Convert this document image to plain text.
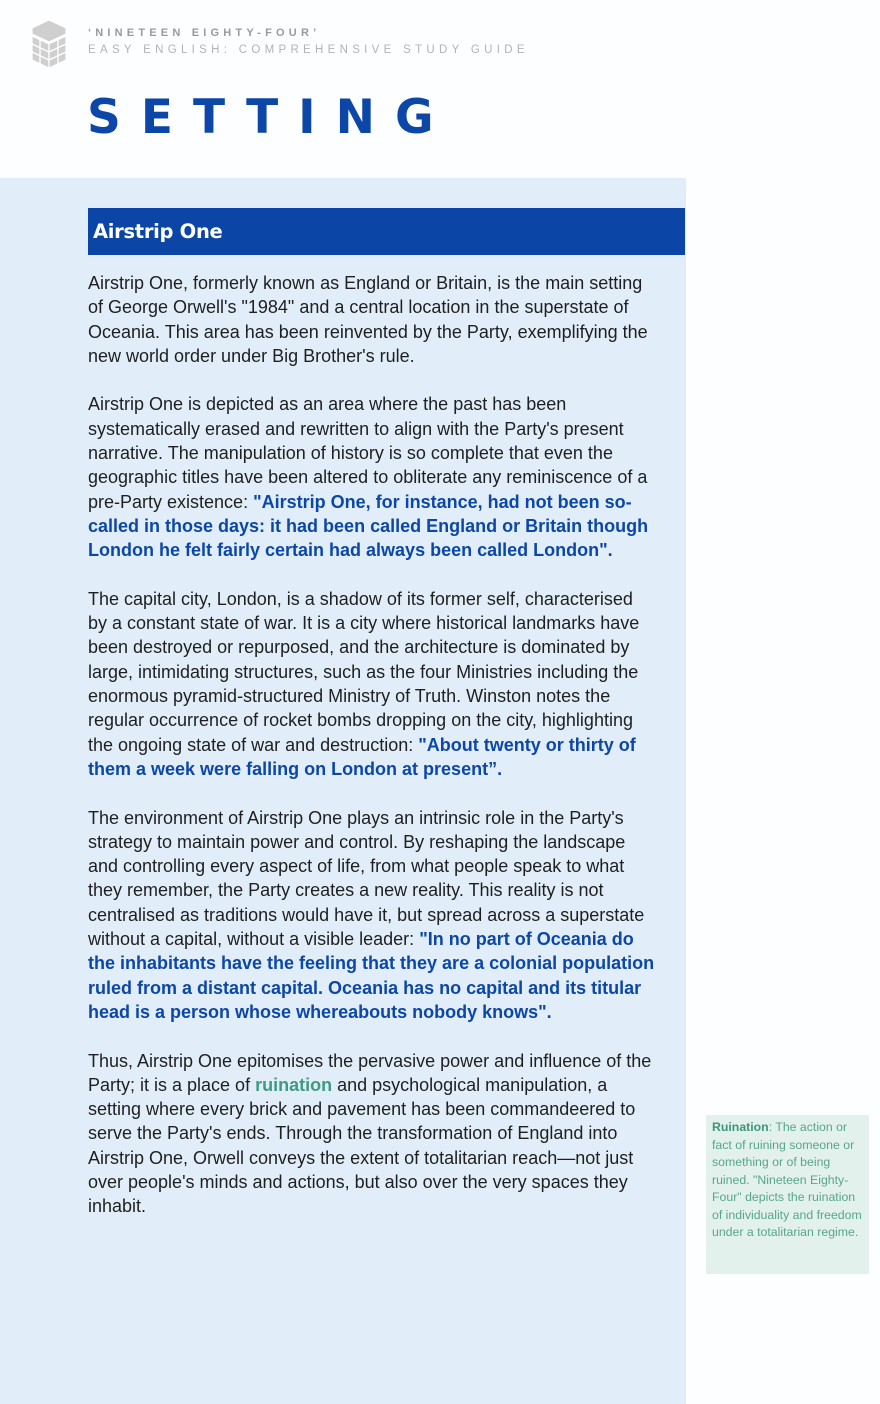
‘NINETEEN EIGHTY-FOUR’
EASY ENGLISH: COMPREHENSIVE STUDY GUIDE
SETTING
Airstrip One

Airstrip One, formerly known as England or Britain, is the main setting of George Orwell's "1984" and a central location in the superstate of Oceania. This area has been reinvented by the Party, exemplifying the new world order under Big Brother's rule.

Airstrip One is depicted as an area where the past has been systematically erased and rewritten to align with the Party's present narrative. The manipulation of history is so complete that even the geographic titles have been altered to obliterate any reminiscence of a pre-Party existence: "Airstrip One, for instance, had not been so-called in those days: it had been called England or Britain though London he felt fairly certain had always been called London".

The capital city, London, is a shadow of its former self, characterised by a constant state of war. It is a city where historical landmarks have been destroyed or repurposed, and the architecture is dominated by large, intimidating structures, such as the four Ministries including the enormous pyramid-structured Ministry of Truth. Winston notes the regular occurrence of rocket bombs dropping on the city, highlighting the ongoing state of war and destruction: "About twenty or thirty of them a week were falling on London at present”.

The environment of Airstrip One plays an intrinsic role in the Party's strategy to maintain power and control. By reshaping the landscape and controlling every aspect of life, from what people speak to what they remember, the Party creates a new reality. This reality is not centralised as traditions would have it, but spread across a superstate without a capital, without a visible leader: "In no part of Oceania do the inhabitants have the feeling that they are a colonial population ruled from a distant capital. Oceania has no capital and its titular head is a person whose whereabouts nobody knows".

Thus, Airstrip One epitomises the pervasive power and influence of the Party; it is a place of ruination and psychological manipulation, a setting where every brick and pavement has been commandeered to serve the Party's ends. Through the transformation of England into Airstrip One, Orwell conveys the extent of totalitarian reach—not just over people's minds and actions, but also over the very spaces they inhabit.

Ruination: The action or fact of ruining someone or something or of being ruined. "Nineteen Eighty-Four" depicts the ruination of individuality and freedom under a totalitarian regime.
